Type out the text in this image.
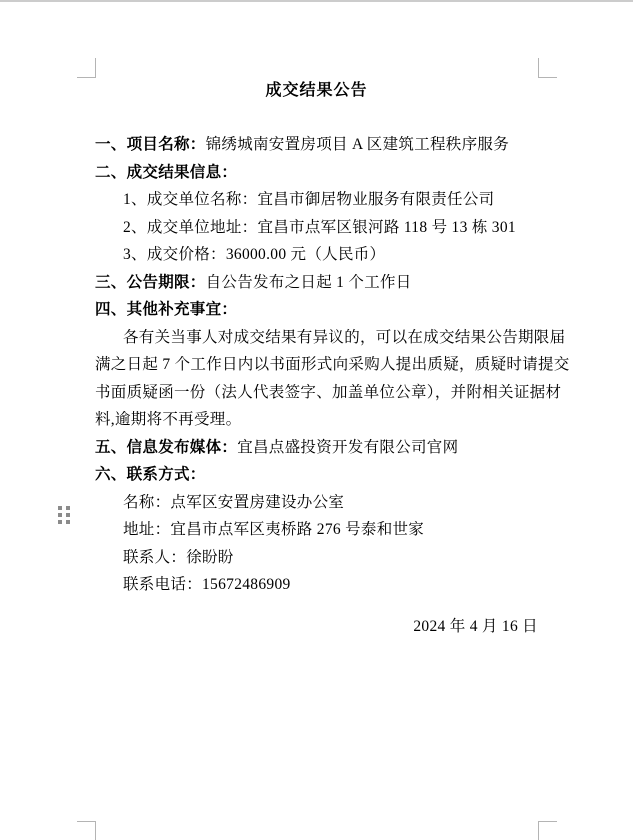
成交结果公告
一、项目名称：锦绣城南安置房项目 A 区建筑工程秩序服务
二、成交结果信息：
1、成交单位名称：宜昌市御居物业服务有限责任公司
2、成交单位地址：宜昌市点军区银河路 118 号 13 栋 301
3、成交价格：36000.00 元（人民币）
三、公告期限：自公告发布之日起 1 个工作日
四、其他补充事宜：
各有关当事人对成交结果有异议的，可以在成交结果公告期限届
满之日起 7 个工作日内以书面形式向采购人提出质疑，质疑时请提交
书面质疑函一份（法人代表签字、加盖单位公章），并附相关证据材
料,逾期将不再受理。
五、信息发布媒体：宜昌点盛投资开发有限公司官网
六、联系方式：
名称：点军区安置房建设办公室
地址：宜昌市点军区夷桥路 276 号泰和世家
联系人：徐盼盼
联系电话：15672486909
2024 年 4 月 16 日
